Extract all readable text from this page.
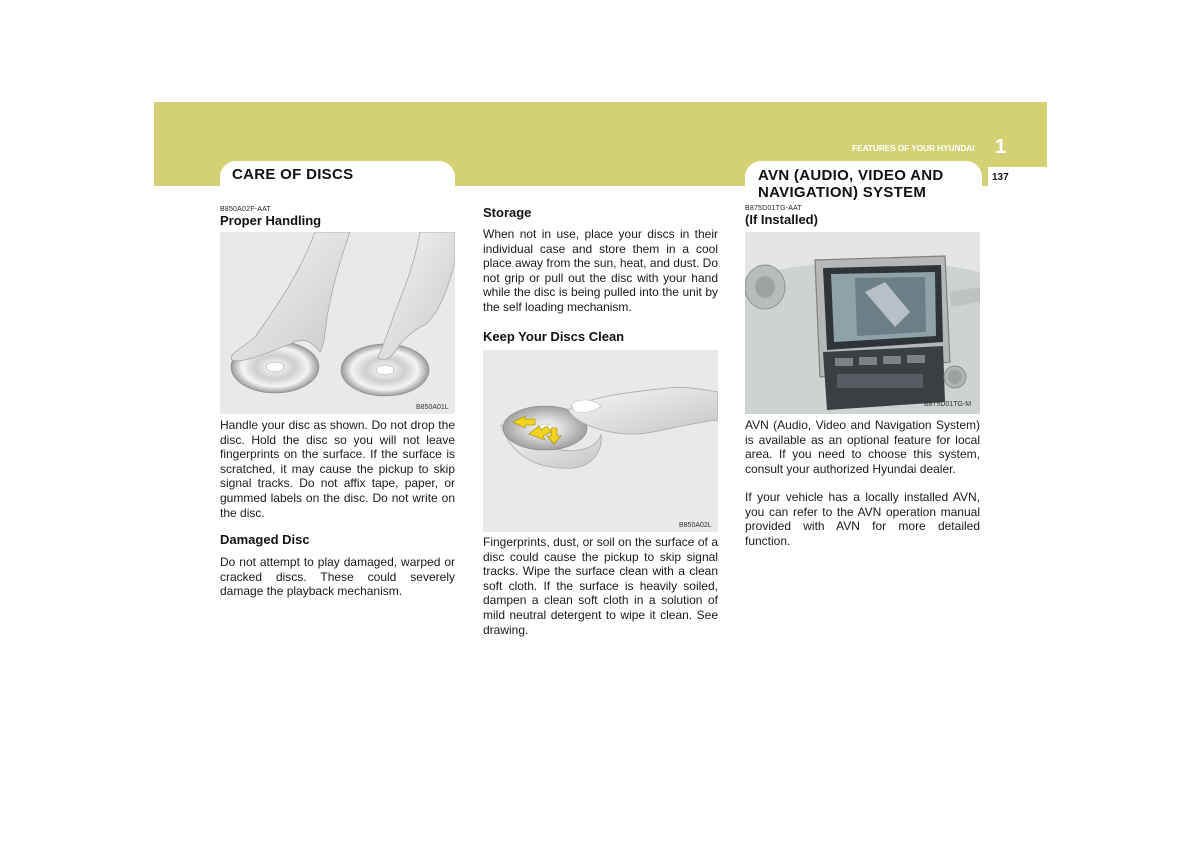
FEATURES OF YOUR HYUNDAI 1
137
CARE OF DISCS	AVN (AUDIO, VIDEO AND
NAVIGATION) SYSTEM
B850A02F-AAT
Proper Handling
B850A01L
Handle your disc as shown. Do not drop the disc. Hold the disc so you will not leave fingerprints on the surface. If the surface is scratched, it may cause the pickup to skip signal tracks. Do not affix tape, paper, or gummed labels on the disc. Do not write on the disc.
Damaged Disc
Do not attempt to play damaged, warped or cracked discs. These could severely damage the playback mechanism.
Storage
When not in use, place your discs in their individual case and store them in a cool place away from the sun, heat, and dust. Do not grip or pull out the disc with your hand while the disc is being pulled into the unit by the self loading mechanism.
Keep Your Discs Clean
B850A02L
Fingerprints, dust, or soil on the surface of a disc could cause the pickup to skip signal tracks. Wipe the surface clean with a clean soft cloth. If the surface is heavily soiled, dampen a clean soft cloth in a solution of mild neutral detergent to wipe it clean. See drawing.
B875D01TG-AAT
(If Installed)
B875D01TG-M
AVN (Audio, Video and Navigation System) is available as an optional feature for local area. If you need to choose this system, consult your authorized Hyundai dealer.
If your vehicle has a locally installed AVN, you can refer to the AVN operation manual provided with AVN for more detailed function.
